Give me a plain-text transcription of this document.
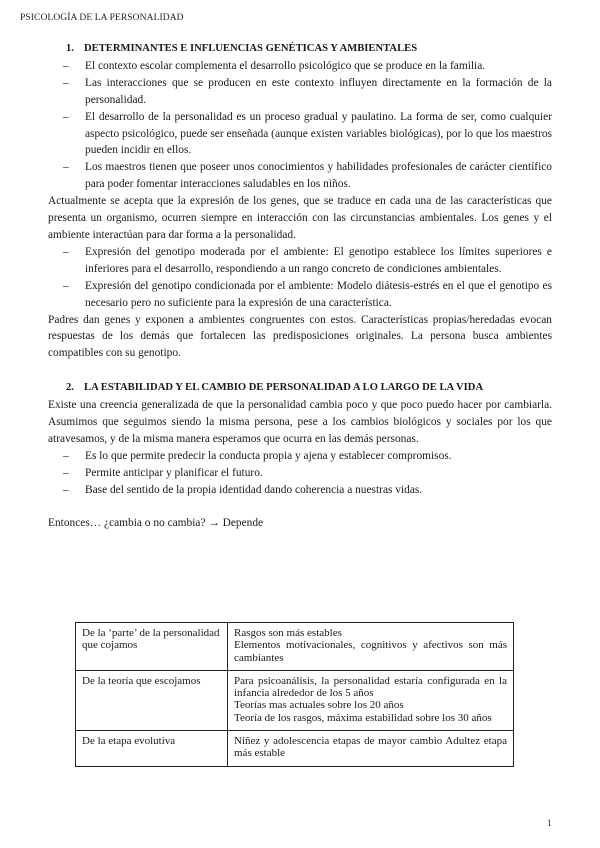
PSICOLOGÍA DE LA PERSONALIDAD
1. DETERMINANTES E INFLUENCIAS GENÉTICAS Y AMBIENTALES
–	El contexto escolar complementa el desarrollo psicológico que se produce en la familia.
–	Las interacciones que se producen en este contexto influyen directamente en la formación de la personalidad.
–	El desarrollo de la personalidad es un proceso gradual y paulatino. La forma de ser, como cualquier aspecto psicológico, puede ser enseñada (aunque existen variables biológicas), por lo que los maestros pueden incidir en ellos.
–	Los maestros tienen que poseer unos conocimientos y habilidades profesionales de carácter científico para poder fomentar interacciones saludables en los niños.

Actualmente se acepta que la expresión de los genes, que se traduce en cada una de las características que presenta un organismo, ocurren siempre en interacción con las circunstancias ambientales. Los genes y el ambiente interactúan para dar forma a la personalidad.

–	Expresión del genotipo moderada por el ambiente: El genotipo establece los límites superiores e inferiores para el desarrollo, respondiendo a un rango concreto de condiciones ambientales.
–	Expresión del genotipo condicionada por el ambiente: Modelo diátesis-estrés en el que el genotipo es necesario pero no suficiente para la expresión de una característica.

Padres dan genes y exponen a ambientes congruentes con estos. Características propias/heredadas evocan respuestas de los demás que fortalecen las predisposiciones originales. La persona busca ambientes compatibles con su genotipo.

2. LA ESTABILIDAD Y EL CAMBIO DE PERSONALIDAD A LO LARGO DE LA VIDA

Existe una creencia generalizada de que la personalidad cambia poco y que poco puedo hacer por cambiarla. Asumimos que seguimos siendo la misma persona, pese a los cambios biológicos y sociales por los que atravesamos, y de la misma manera esperamos que ocurra en las demás personas.

–	Es lo que permite predecir la conducta propia y ajena y establecer compromisos.
–	Permite anticipar y planificar el futuro.
–	Base del sentido de la propia identidad dando coherencia a nuestras vidas.

Entonces… ¿cambia o no cambia? → Depende

De la ‘parte’ de la personalidad que cojamos	Rasgos son más estables
Elementos motivacionales, cognitivos y afectivos son más cambiantes

De la teoría que escojamos	Para psicoanálisis, la personalidad estaría configurada en la infancia alrededor de los 5 años
Teorías mas actuales sobre los 20 años
Teoría de los rasgos, máxima estabilidad sobre los 30 años

De la etapa evolutiva	Niñez y adolescencia etapas de mayor cambio Adultez etapa más estable
1
